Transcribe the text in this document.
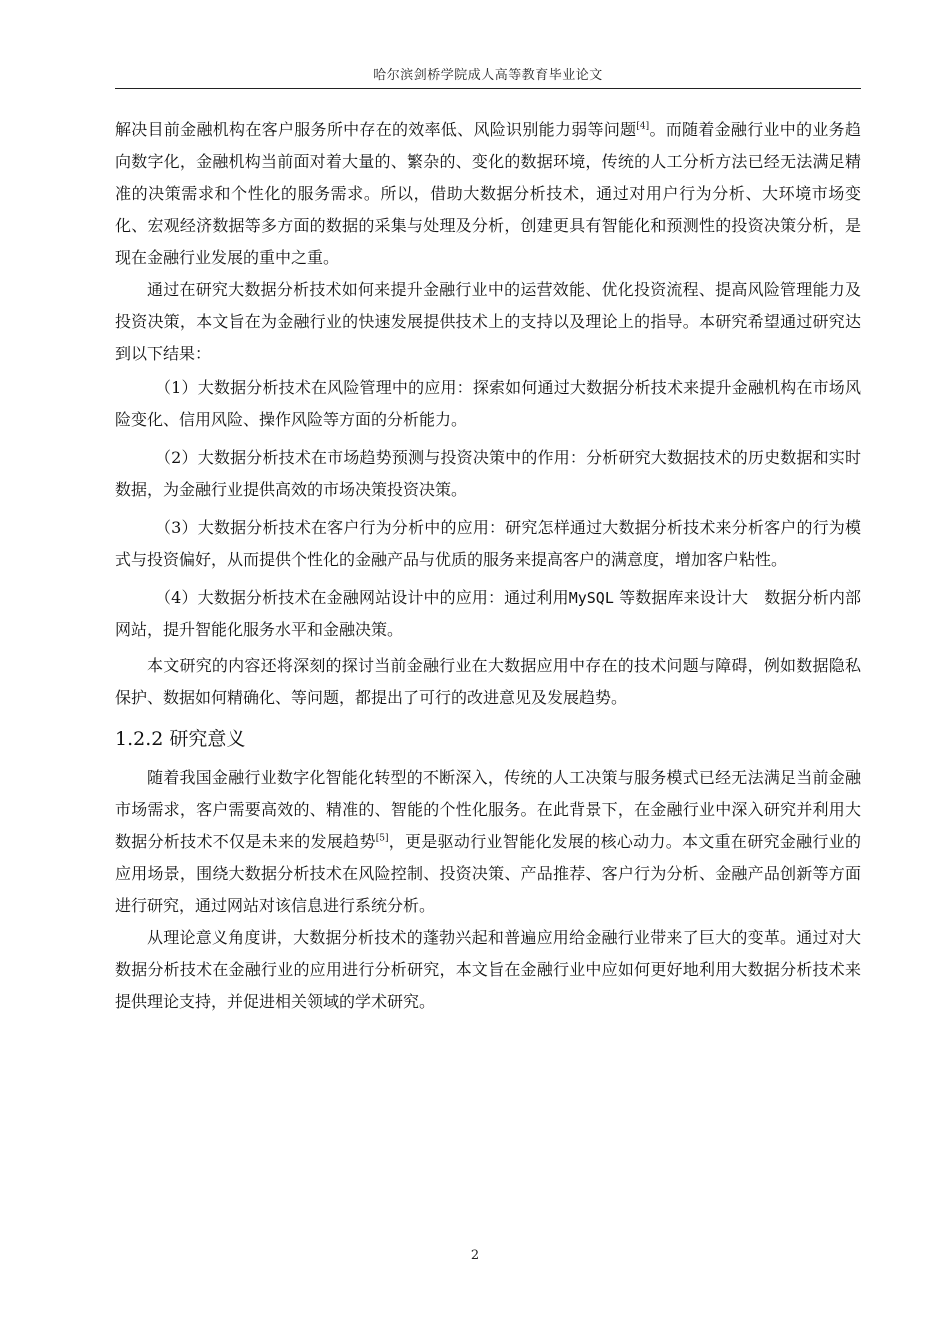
哈尔滨剑桥学院成人高等教育毕业论文

解决目前金融机构在客户服务所中存在的效率低、风险识别能力弱等问题[4]。而随着金融行业中的业务趋向数字化，金融机构当前面对着大量的、繁杂的、变化的数据环境，传统的人工分析方法已经无法满足精准的决策需求和个性化的服务需求。所以，借助大数据分析技术，通过对用户行为分析、大环境市场变化、宏观经济数据等多方面的数据的采集与处理及分析，创建更具有智能化和预测性的投资决策分析，是现在金融行业发展的重中之重。

通过在研究大数据分析技术如何来提升金融行业中的运营效能、优化投资流程、提高风险管理能力及投资决策，本文旨在为金融行业的快速发展提供技术上的支持以及理论上的指导。本研究希望通过研究达到以下结果：

（1）大数据分析技术在风险管理中的应用：探索如何通过大数据分析技术来提升金融机构在市场风险变化、信用风险、操作风险等方面的分析能力。

（2）大数据分析技术在市场趋势预测与投资决策中的作用：分析研究大数据技术的历史数据和实时数据，为金融行业提供高效的市场决策投资决策。

（3）大数据分析技术在客户行为分析中的应用：研究怎样通过大数据分析技术来分析客户的行为模式与投资偏好，从而提供个性化的金融产品与优质的服务来提高客户的满意度，增加客户粘性。

（4）大数据分析技术在金融网站设计中的应用：通过利用MySQL 等数据库来设计大　数据分析内部网站，提升智能化服务水平和金融决策。

本文研究的内容还将深刻的探讨当前金融行业在大数据应用中存在的技术问题与障碍，例如数据隐私保护、数据如何精确化、等问题，都提出了可行的改进意见及发展趋势。

1.2.2 研究意义

随着我国金融行业数字化智能化转型的不断深入，传统的人工决策与服务模式已经无法满足当前金融市场需求，客户需要高效的、精准的、智能的个性化服务。在此背景下，在金融行业中深入研究并利用大数据分析技术不仅是未来的发展趋势[5]，更是驱动行业智能化发展的核心动力。本文重在研究金融行业的应用场景，围绕大数据分析技术在风险控制、投资决策、产品推荐、客户行为分析、金融产品创新等方面进行研究，通过网站对该信息进行系统分析。

从理论意义角度讲，大数据分析技术的蓬勃兴起和普遍应用给金融行业带来了巨大的变革。通过对大数据分析技术在金融行业的应用进行分析研究，本文旨在金融行业中应如何更好地利用大数据分析技术来提供理论支持，并促进相关领域的学术研究。

2
